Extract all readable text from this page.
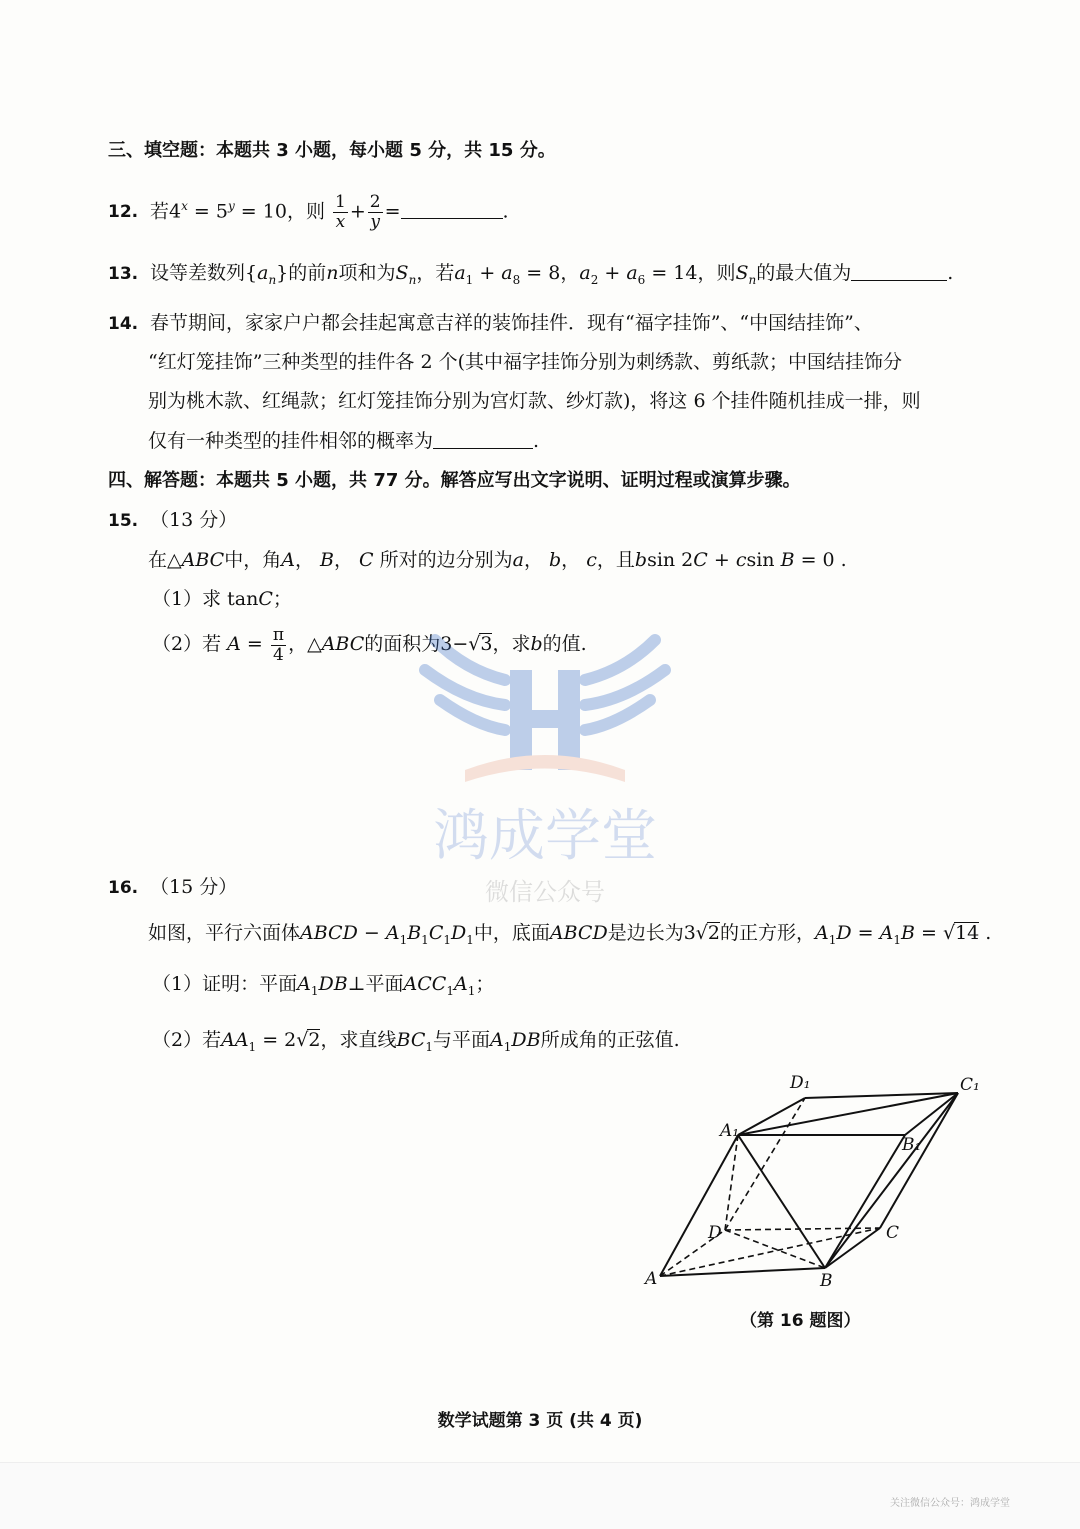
三、填空题：本题共 3 小题，每小题 5 分，共 15 分。
12. 若$4^x = 5^y = 10$，则 $\frac{1}{x} + \frac{2}{y}$ =	.
13. 设等差数列$\{a_n\}$的前n项和为$S_n$，若$a_1 + a_8 = 8$，$a_2 + a_6 = 14$，则$S_n$的最大值为	.
14. 春节期间，家家户户都会挂起寓意吉祥的装饰挂件．现有“福字挂饰”、“中国结挂饰”、
“红灯笼挂饰”三种类型的挂件各 2 个(其中福字挂饰分别为刺绣款、剪纸款；中国结挂饰分
别为桃木款、红绳款；红灯笼挂饰分别为宫灯款、纱灯款)，将这 6 个挂件随机挂成一排，则
仅有一种类型的挂件相邻的概率为	.
四、解答题：本题共 5 小题，共 77 分。解答应写出文字说明、证明过程或演算步骤。
15. （13 分）
在△ABC中，角A， B， C 所对的边分别为a， b， c，且bsin 2C + csin B = 0 .
（1）求 tanC；
（2）若 $A = \frac{\pi}{4}$ ，△ABC的面积为3−√3，求b的值.
鸿成学堂
微信公众号
16. （15 分）
如图，平行六面体ABCD − $A_1B_1C_1D_1$中，底面ABCD是边长为3√2的正方形，$A_1D = A_1B = √14$ .
（1）证明：平面$A_1DB\perp$平面$ACC_1A_1$；
（2）若$AA_1 = 2√2$，求直线$BC_1$与平面$A_1DB$所成角的正弦值.
D₁	C₁
A₁
B₁
D	C
A	B
（第 16 题图）
数学试题第 3 页 (共 4 页)
关注微信公众号：鸿成学堂
